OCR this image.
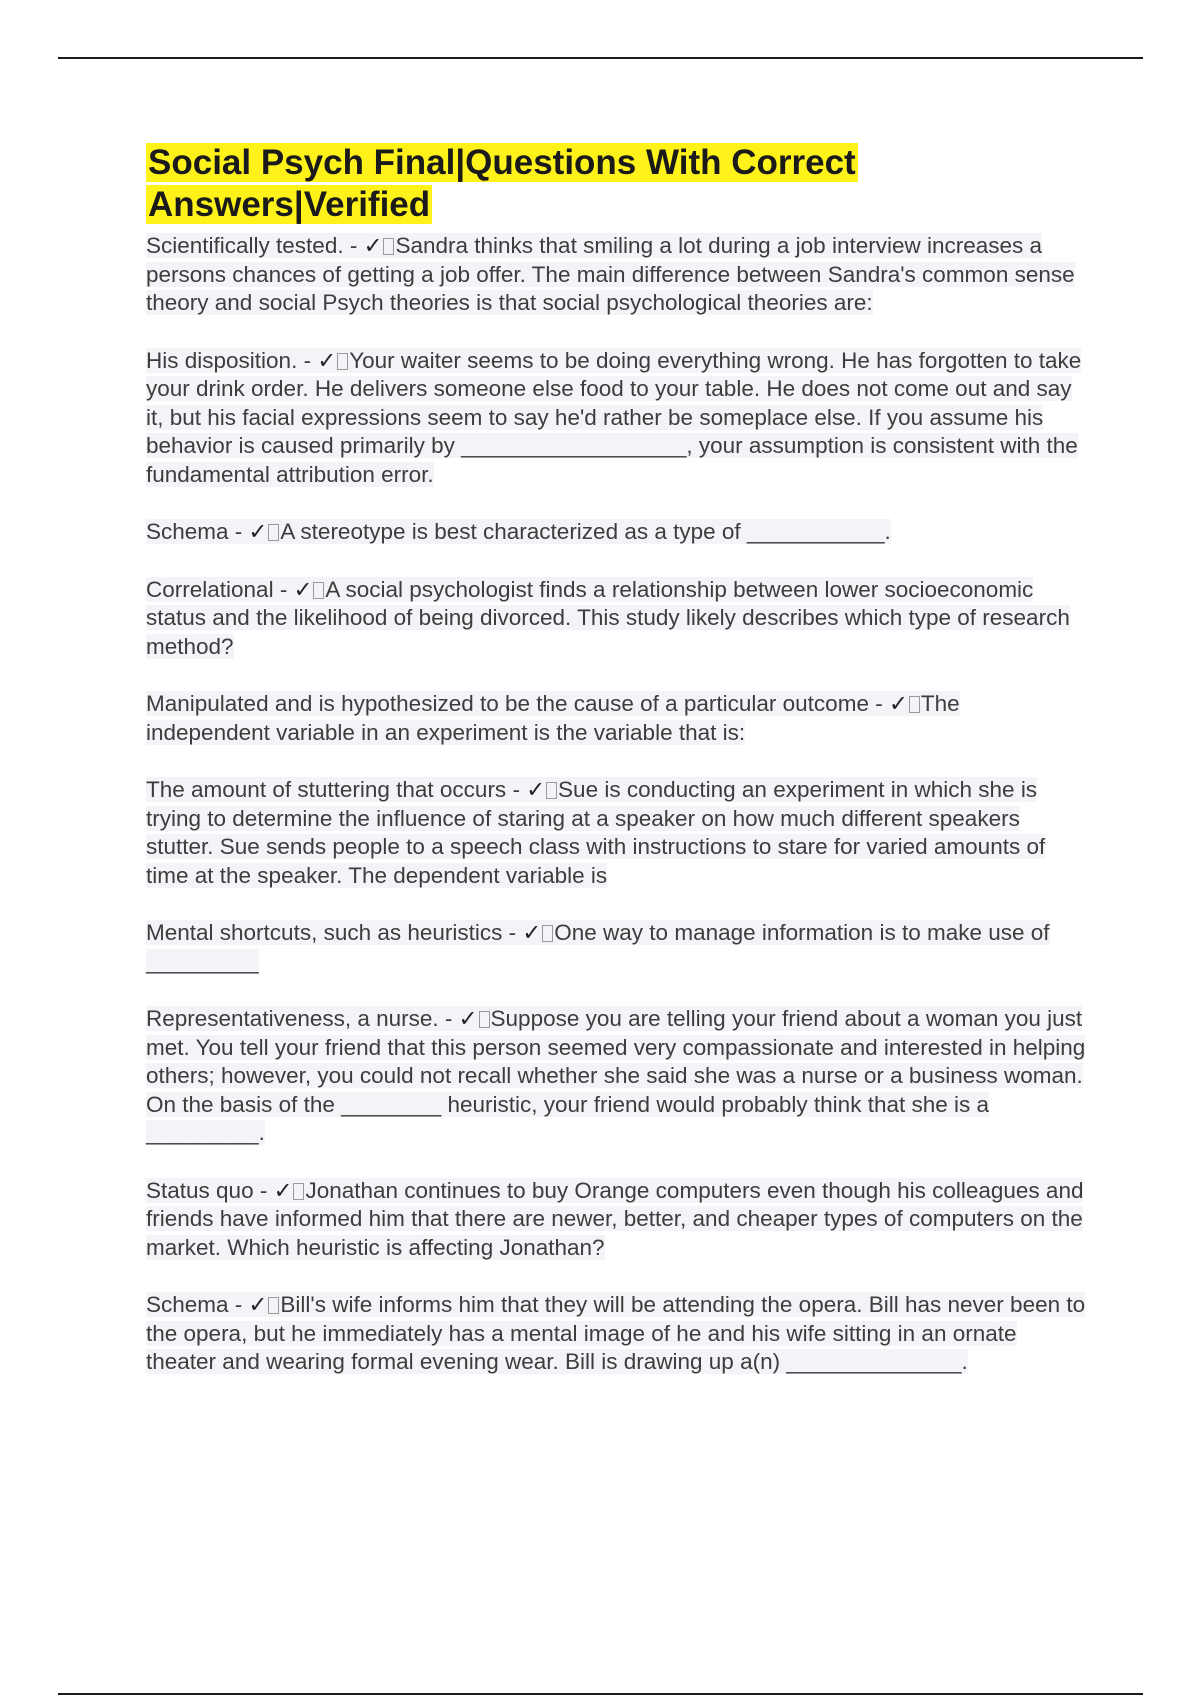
Social Psych Final|Questions With Correct Answers|Verified

Scientifically tested. - ✓ Sandra thinks that smiling a lot during a job interview increases a persons chances of getting a job offer. The main difference between Sandra's common sense theory and social Psych theories is that social psychological theories are:

His disposition. - ✓ Your waiter seems to be doing everything wrong. He has forgotten to take your drink order. He delivers someone else food to your table. He does not come out and say it, but his facial expressions seem to say he'd rather be someplace else. If you assume his behavior is caused primarily by __________________, your assumption is consistent with the fundamental attribution error.

Schema - ✓ A stereotype is best characterized as a type of ___________.

Correlational - ✓ A social psychologist finds a relationship between lower socioeconomic status and the likelihood of being divorced. This study likely describes which type of research method?

Manipulated and is hypothesized to be the cause of a particular outcome - ✓ The independent variable in an experiment is the variable that is:

The amount of stuttering that occurs - ✓ Sue is conducting an experiment in which she is trying to determine the influence of staring at a speaker on how much different speakers stutter. Sue sends people to a speech class with instructions to stare for varied amounts of time at the speaker. The dependent variable is

Mental shortcuts, such as heuristics - ✓ One way to manage information is to make use of _________

Representativeness, a nurse. - ✓ Suppose you are telling your friend about a woman you just met. You tell your friend that this person seemed very compassionate and interested in helping others; however, you could not recall whether she said she was a nurse or a business woman. On the basis of the ________ heuristic, your friend would probably think that she is a _________.

Status quo - ✓ Jonathan continues to buy Orange computers even though his colleagues and friends have informed him that there are newer, better, and cheaper types of computers on the market. Which heuristic is affecting Jonathan?

Schema - ✓ Bill's wife informs him that they will be attending the opera. Bill has never been to the opera, but he immediately has a mental image of he and his wife sitting in an ornate theater and wearing formal evening wear. Bill is drawing up a(n) ______________.
